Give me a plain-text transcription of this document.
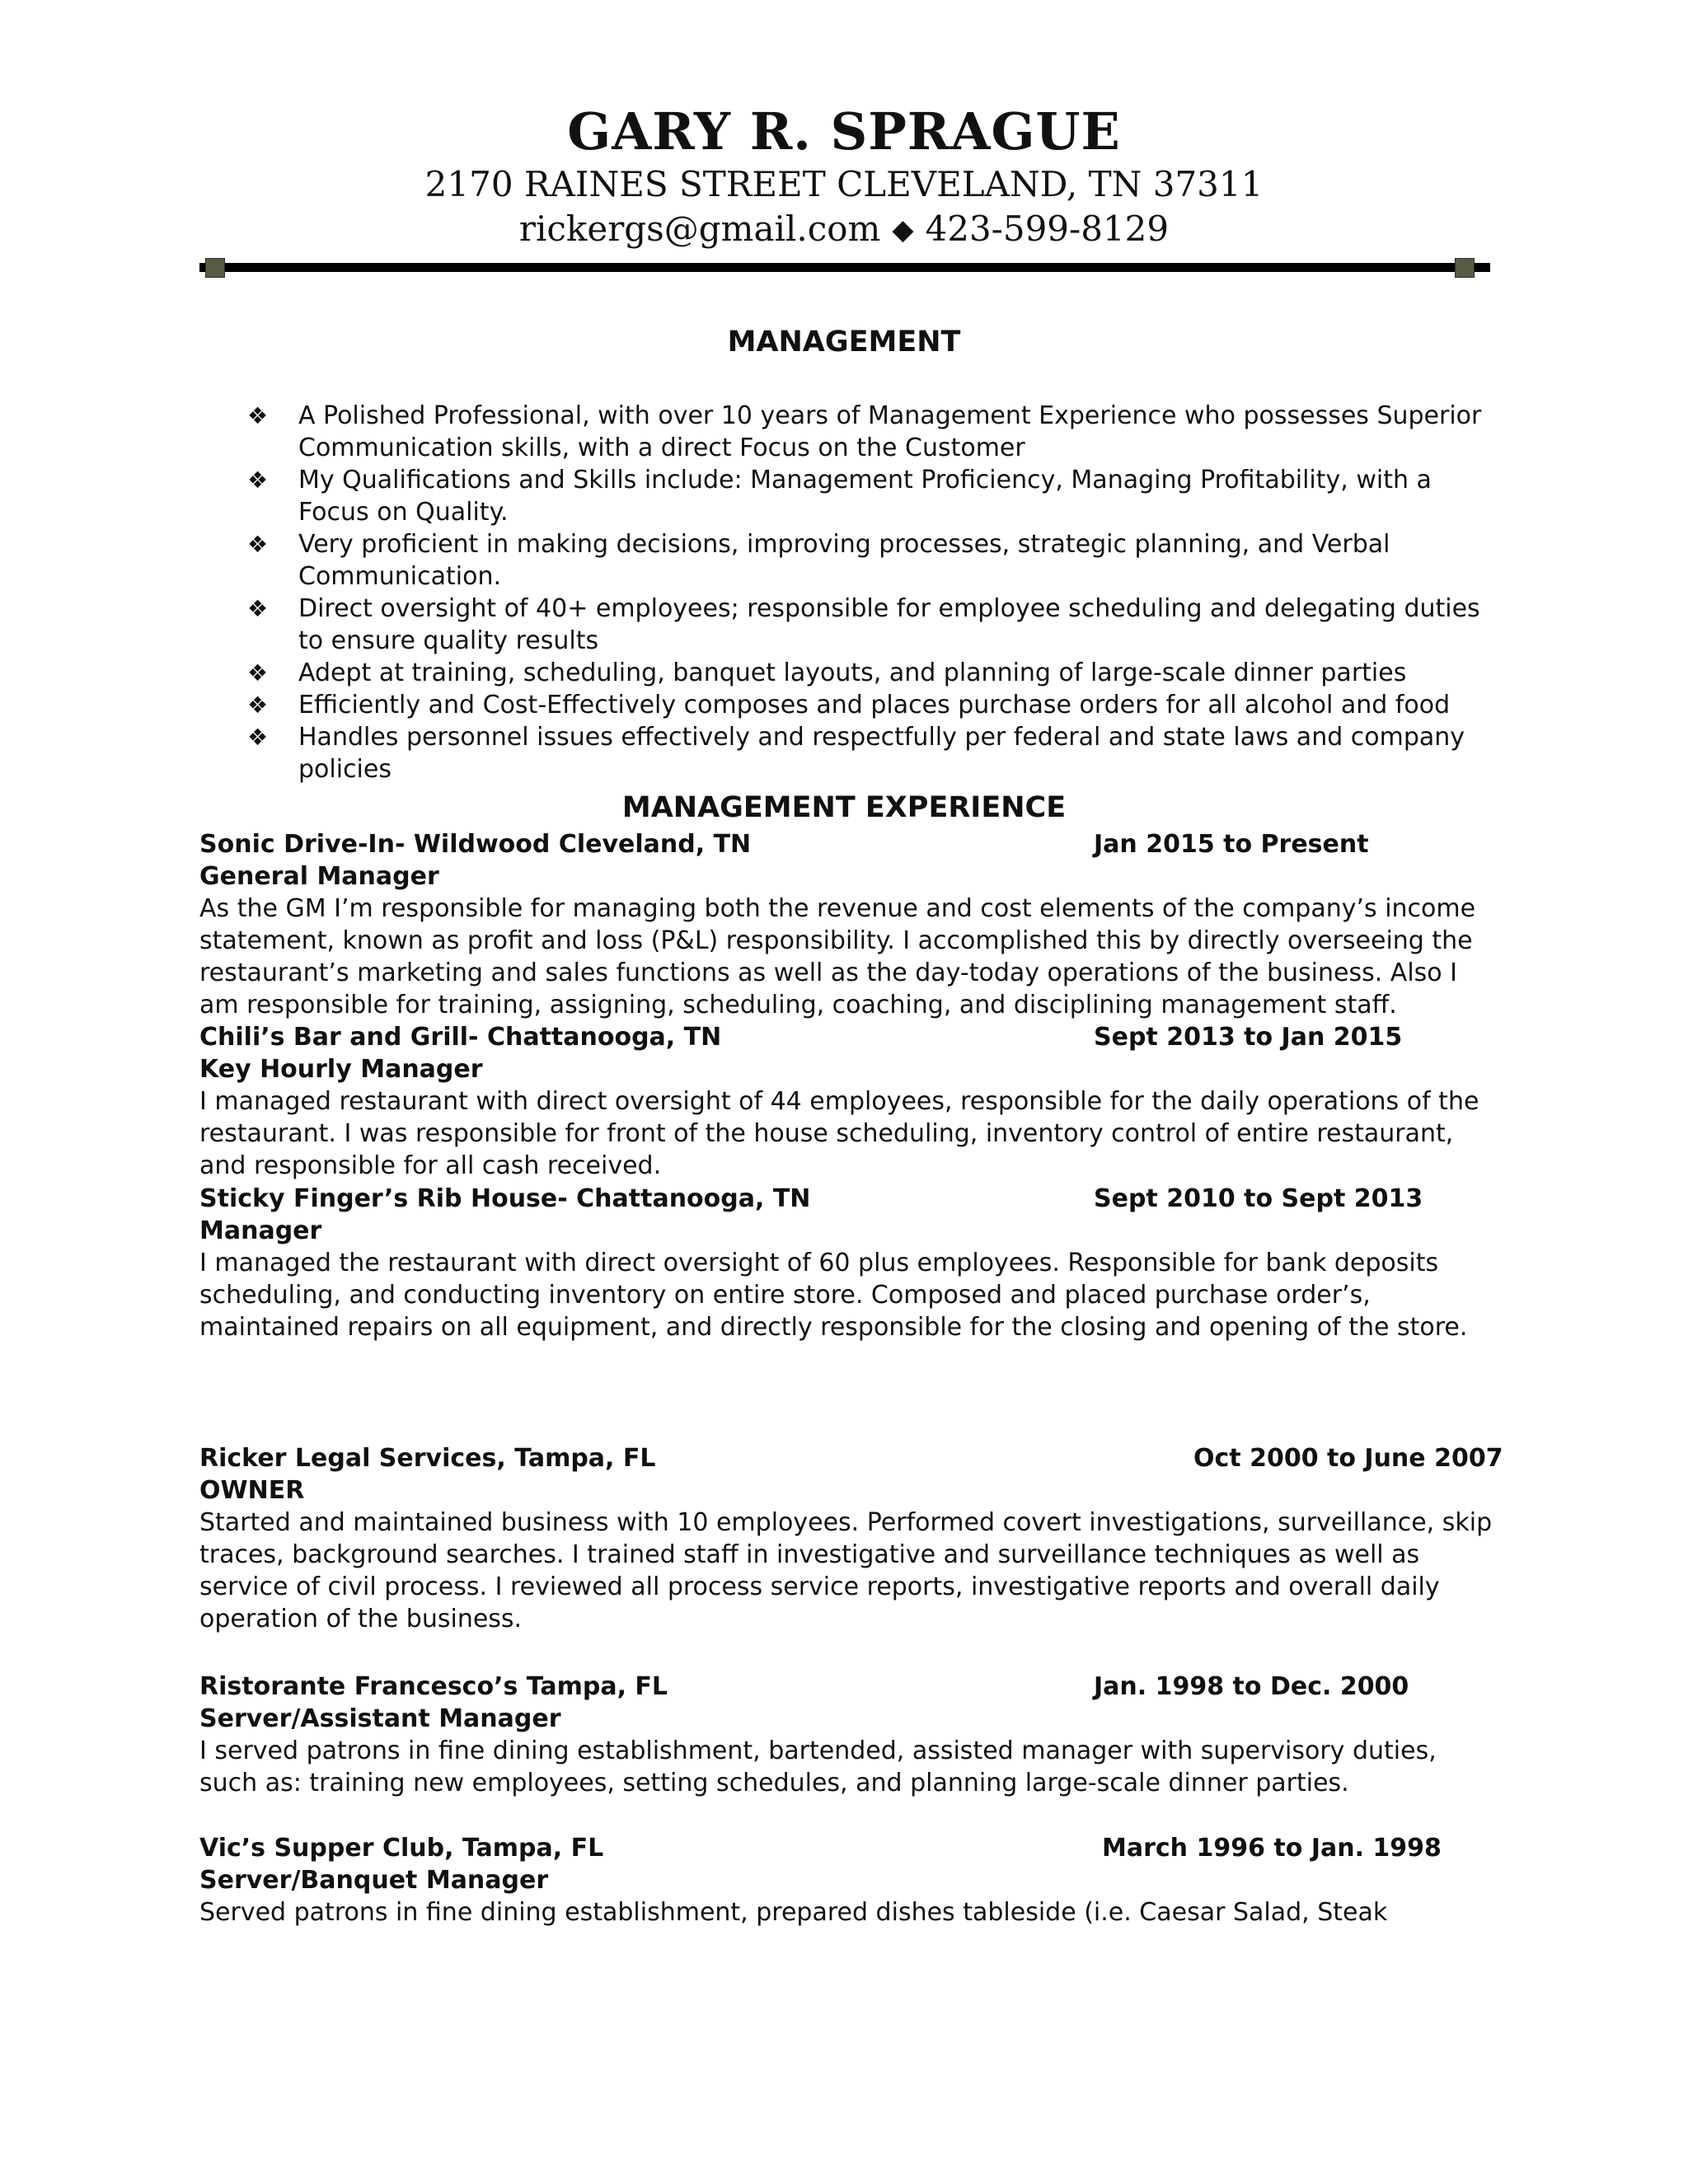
GARY R. SPRAGUE
2170 RAINES STREET CLEVELAND, TN 37311
rickergs@gmail.com ◆ 423-599-8129
MANAGEMENT
❖ A Polished Professional, with over 10 years of Management Experience who possesses Superior Communication skills, with a direct Focus on the Customer
❖ My Qualifications and Skills include: Management Proficiency, Managing Profitability, with a Focus on Quality.
❖ Very proficient in making decisions, improving processes, strategic planning, and Verbal Communication.
❖ Direct oversight of 40+ employees; responsible for employee scheduling and delegating duties to ensure quality results
❖ Adept at training, scheduling, banquet layouts, and planning of large-scale dinner parties
❖ Efficiently and Cost-Effectively composes and places purchase orders for all alcohol and food
❖ Handles personnel issues effectively and respectfully per federal and state laws and company policies
MANAGEMENT EXPERIENCE
Sonic Drive-In- Wildwood Cleveland, TN	Jan 2015 to Present
General Manager

As the GM I’m responsible for managing both the revenue and cost elements of the company’s income statement, known as profit and loss (P&L) responsibility. I accomplished this by directly overseeing the restaurant’s marketing and sales functions as well as the day-today operations of the business. Also I am responsible for training, assigning, scheduling, coaching, and disciplining management staff.

Chili’s Bar and Grill- Chattanooga, TN	Sept 2013 to Jan 2015
Key Hourly Manager

I managed restaurant with direct oversight of 44 employees, responsible for the daily operations of the restaurant. I was responsible for front of the house scheduling, inventory control of entire restaurant, and responsible for all cash received.

Sticky Finger’s Rib House- Chattanooga, TN	Sept 2010 to Sept 2013
Manager

I managed the restaurant with direct oversight of 60 plus employees. Responsible for bank deposits scheduling, and conducting inventory on entire store. Composed and placed purchase order’s, maintained repairs on all equipment, and directly responsible for the closing and opening of the store.

Ricker Legal Services, Tampa, FL	Oct 2000 to June 2007
OWNER

Started and maintained business with 10 employees. Performed covert investigations, surveillance, skip traces, background searches. I trained staff in investigative and surveillance techniques as well as service of civil process. I reviewed all process service reports, investigative reports and overall daily operation of the business.

Ristorante Francesco’s Tampa, FL	Jan. 1998 to Dec. 2000
Server/Assistant Manager

I served patrons in fine dining establishment, bartended, assisted manager with supervisory duties, such as: training new employees, setting schedules, and planning large-scale dinner parties.

Vic’s Supper Club, Tampa, FL	March 1996 to Jan. 1998
Server/Banquet Manager

Served patrons in fine dining establishment, prepared dishes tableside (i.e. Caesar Salad, Steak
